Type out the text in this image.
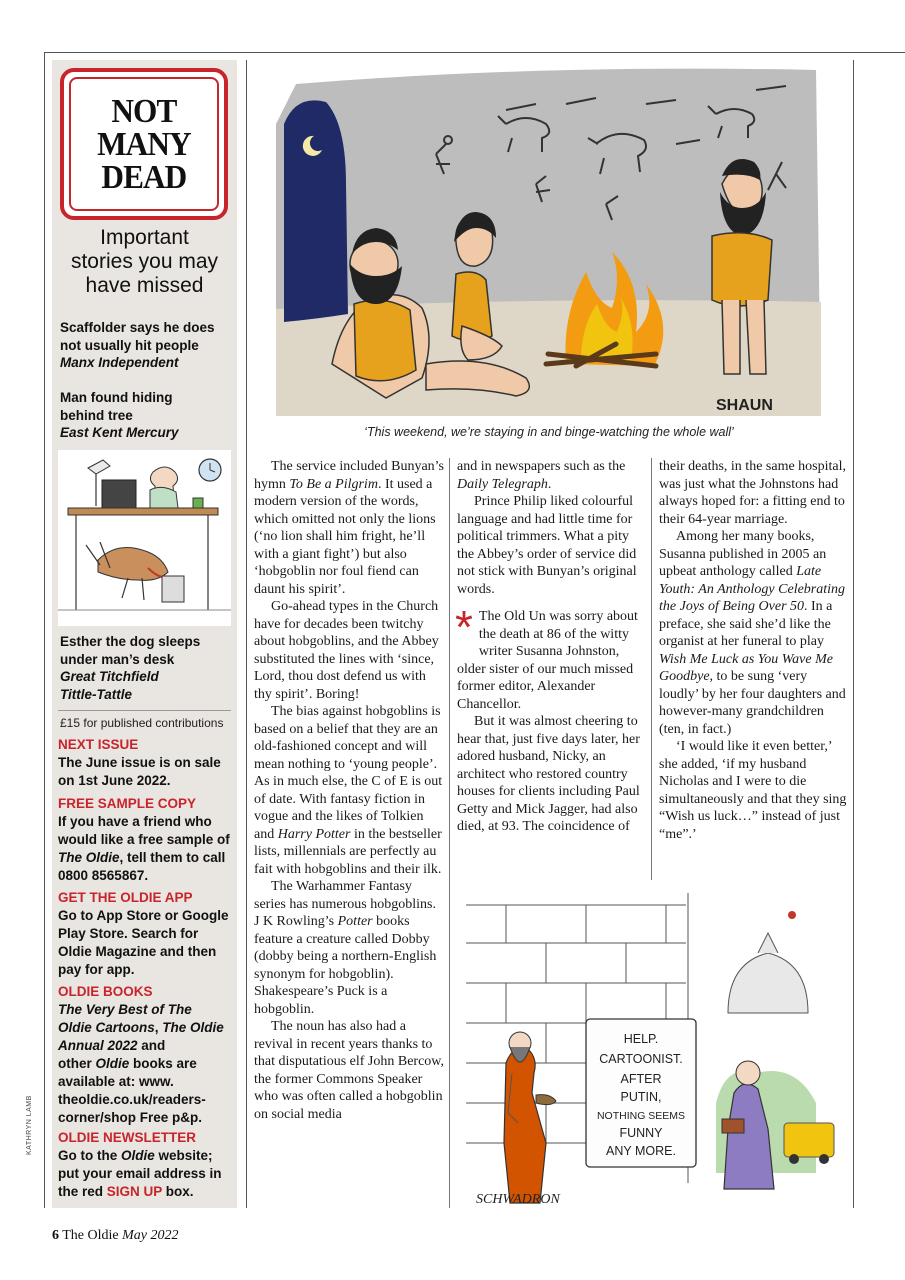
NOT
MANY
DEAD
Important
stories you may
have missed
Scaffolder says he does
not usually hit people
Manx Independent
Man found hiding
behind tree
East Kent Mercury
Esther the dog sleeps
under man’s desk
Great Titchfield
Tittle-Tattle
£15 for published contributions
NEXT ISSUE
The June issue is on sale
on 1st June 2022.
FREE SAMPLE COPY
If you have a friend who
would like a free sample of
The Oldie, tell them to call
0800 8565867.
GET THE OLDIE APP
Go to App Store or Google
Play Store. Search for
Oldie Magazine and then
pay for app.
OLDIE BOOKS
The Very Best of The
Oldie Cartoons, The Oldie
Annual 2022 and
other Oldie books are
available at: www.
theoldie.co.uk/readers-
corner/shop Free p&p.
OLDIE NEWSLETTER
Go to the Oldie website;
put your email address in
the red SIGN UP box.
KATHRYN LAMB
SHAUN
‘This weekend, we’re staying in and binge-watching the whole wall’

The service included Bunyan’s hymn To Be a Pilgrim. It used a modern version of the words, which omitted not only the lions (‘no lion shall him fright, he’ll with a giant fight’) but also ‘hobgoblin nor foul fiend can daunt his spirit’.

Go-ahead types in the Church have for decades been twitchy about hobgoblins, and the Abbey substituted the lines with ‘since, Lord, thou dost defend us with thy spirit’. Boring!

The bias against hobgoblins is based on a belief that they are an old-fashioned concept and will mean nothing to ‘young people’. As in much else, the C of E is out of date. With fantasy fiction in vogue and the likes of Tolkien and Harry Potter in the bestseller lists, millennials are perfectly au fait with hobgoblins and their ilk.

The Warhammer Fantasy series has numerous hobgoblins. J K Rowling’s Potter books feature a creature called Dobby (dobby being a northern-English synonym for hobgoblin). Shakespeare’s Puck is a hobgoblin.

The noun has also had a revival in recent years thanks to that disputatious elf John Bercow, the former Commons Speaker who was often called a hobgoblin on social media

and in newspapers such as the Daily Telegraph.

Prince Philip liked colourful language and had little time for political trimmers. What a pity the Abbey’s order of service did not stick with Bunyan’s original words.

* The Old Un was sorry about the death at 86 of the witty writer Susanna Johnston, older sister of our much missed former editor, Alexander Chancellor.

But it was almost cheering to hear that, just five days later, her adored husband, Nicky, an architect who restored country houses for clients including Paul Getty and Mick Jagger, had also died, at 93. The coincidence of

their deaths, in the same hospital, was just what the Johnstons had always hoped for: a fitting end to their 64-year marriage.

Among her many books, Susanna published in 2005 an upbeat anthology called Late Youth: An Anthology Celebrating the Joys of Being Over 50. In a preface, she said she’d like the organist at her funeral to play Wish Me Luck as You Wave Me Goodbye, to be sung ‘very loudly’ by her four daughters and however-many grandchildren (ten, in fact.)

‘I would like it even better,’ she added, ‘if my husband Nicholas and I were to die simultaneously and that they sing “Wish us luck…” instead of just “me”.’

HELP.
CARTOONIST.
AFTER
PUTIN,
NOTHING SEEMS
FUNNY
ANY MORE.
SCHWADRON
6 The Oldie May 2022
